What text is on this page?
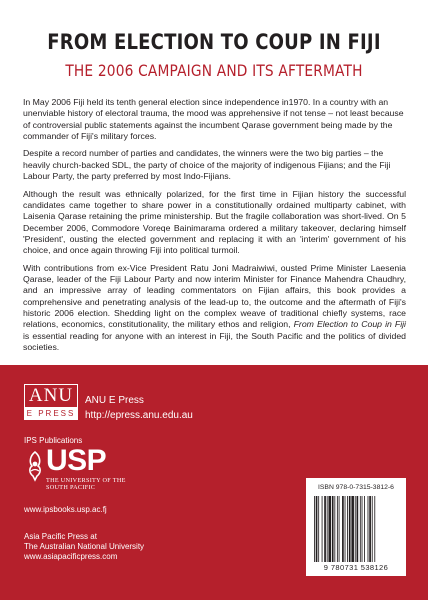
FROM ELECTION TO COUP IN FIJI
THE 2006 CAMPAIGN AND ITS AFTERMATH

In May 2006 Fiji held its tenth general election since independence in1970. In a country with an unenviable history of electoral trauma, the mood was apprehensive if not tense – not least because of controversial public statements against the incumbent Qarase government being made by the commander of Fiji's military forces.

Despite a record number of parties and candidates, the winners were the two big parties – the heavily church-backed SDL, the party of choice of the majority of indigenous Fijians; and the Fiji Labour Party, the party preferred by most Indo-Fijians.

Although the result was ethnically polarized, for the first time in Fijian history the successful candidates came together to share power in a constitutionally ordained multiparty cabinet, with Laisenia Qarase retaining the prime ministership. But the fragile collaboration was short-lived. On 5 December 2006, Commodore Voreqe Bainimarama ordered a military takeover, declaring himself 'President', ousting the elected government and replacing it with an 'interim' government of his choice, and once again throwing Fiji into political turmoil.

With contributions from ex-Vice President Ratu Joni Madraiwiwi, ousted Prime Minister Laesenia Qarase, leader of the Fiji Labour Party and now interim Minister for Finance Mahendra Chaudhry, and an impressive array of leading commentators on Fijian affairs, this book provides a comprehensive and penetrating analysis of the lead-up to, the outcome and the aftermath of Fiji's historic 2006 election. Shedding light on the complex weave of traditional chiefly systems, race relations, economics, constitutionality, the military ethos and religion, From Election to Coup in Fiji is essential reading for anyone with an interest in Fiji, the South Pacific and the politics of divided societies.

ANU
E PRESS
ANU E Press
http://epress.anu.edu.au
IPS Publications
USP
THE UNIVERSITY OF THE
SOUTH PACIFIC
www.ipsbooks.usp.ac.fj
Asia Pacific Press at
The Australian National University
www.asiapacificpress.com
ISBN 978-0-7315-3812-6
9 780731 538126
